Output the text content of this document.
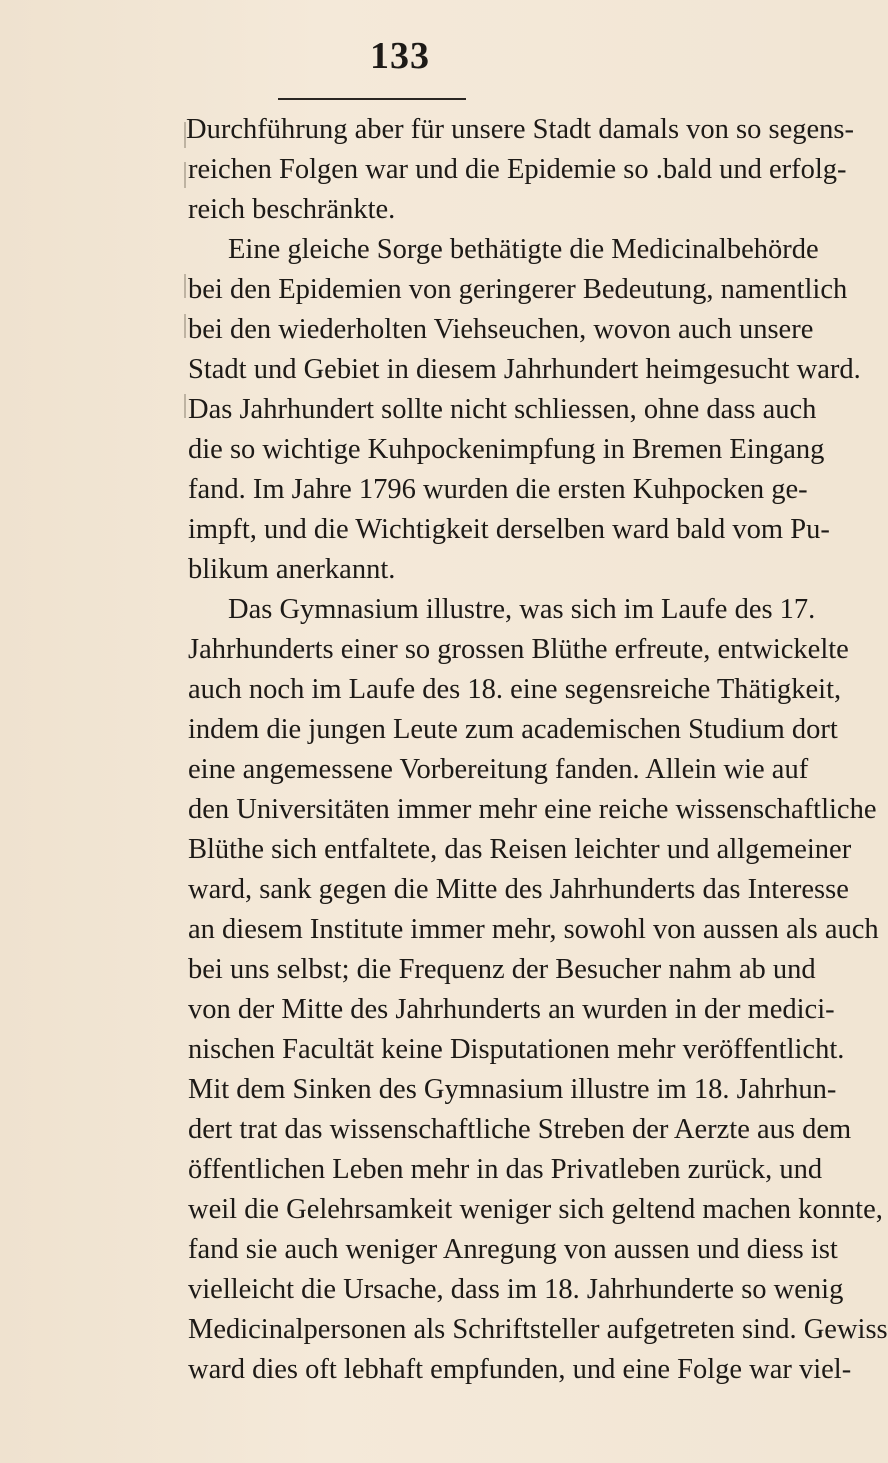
133
Durchführung aber für unsere Stadt damals von so segens-
reichen Folgen war und die Epidemie so .bald und erfolg-
reich beschränkte.
Eine gleiche Sorge bethätigte die Medicinalbehörde
bei den Epidemien von geringerer Bedeutung, namentlich
bei den wiederholten Viehseuchen, wovon auch unsere
Stadt und Gebiet in diesem Jahrhundert heimgesucht ward.
Das Jahrhundert sollte nicht schliessen, ohne dass auch
die so wichtige Kuhpockenimpfung in Bremen Eingang
fand. Im Jahre 1796 wurden die ersten Kuhpocken ge-
impft, und die Wichtigkeit derselben ward bald vom Pu-
blikum anerkannt.
Das Gymnasium illustre, was sich im Laufe des 17.
Jahrhunderts einer so grossen Blüthe erfreute, entwickelte
auch noch im Laufe des 18. eine segensreiche Thätigkeit,
indem die jungen Leute zum academischen Studium dort
eine angemessene Vorbereitung fanden. Allein wie auf
den Universitäten immer mehr eine reiche wissenschaftliche
Blüthe sich entfaltete, das Reisen leichter und allgemeiner
ward, sank gegen die Mitte des Jahrhunderts das Interesse
an diesem Institute immer mehr, sowohl von aussen als auch
bei uns selbst; die Frequenz der Besucher nahm ab und
von der Mitte des Jahrhunderts an wurden in der medici-
nischen Facultät keine Disputationen mehr veröffentlicht.
Mit dem Sinken des Gymnasium illustre im 18. Jahrhun-
dert trat das wissenschaftliche Streben der Aerzte aus dem
öffentlichen Leben mehr in das Privatleben zurück, und
weil die Gelehrsamkeit weniger sich geltend machen konnte,
fand sie auch weniger Anregung von aussen und diess ist
vielleicht die Ursache, dass im 18. Jahrhunderte so wenig
Medicinalpersonen als Schriftsteller aufgetreten sind. Gewiss
ward dies oft lebhaft empfunden, und eine Folge war viel-
